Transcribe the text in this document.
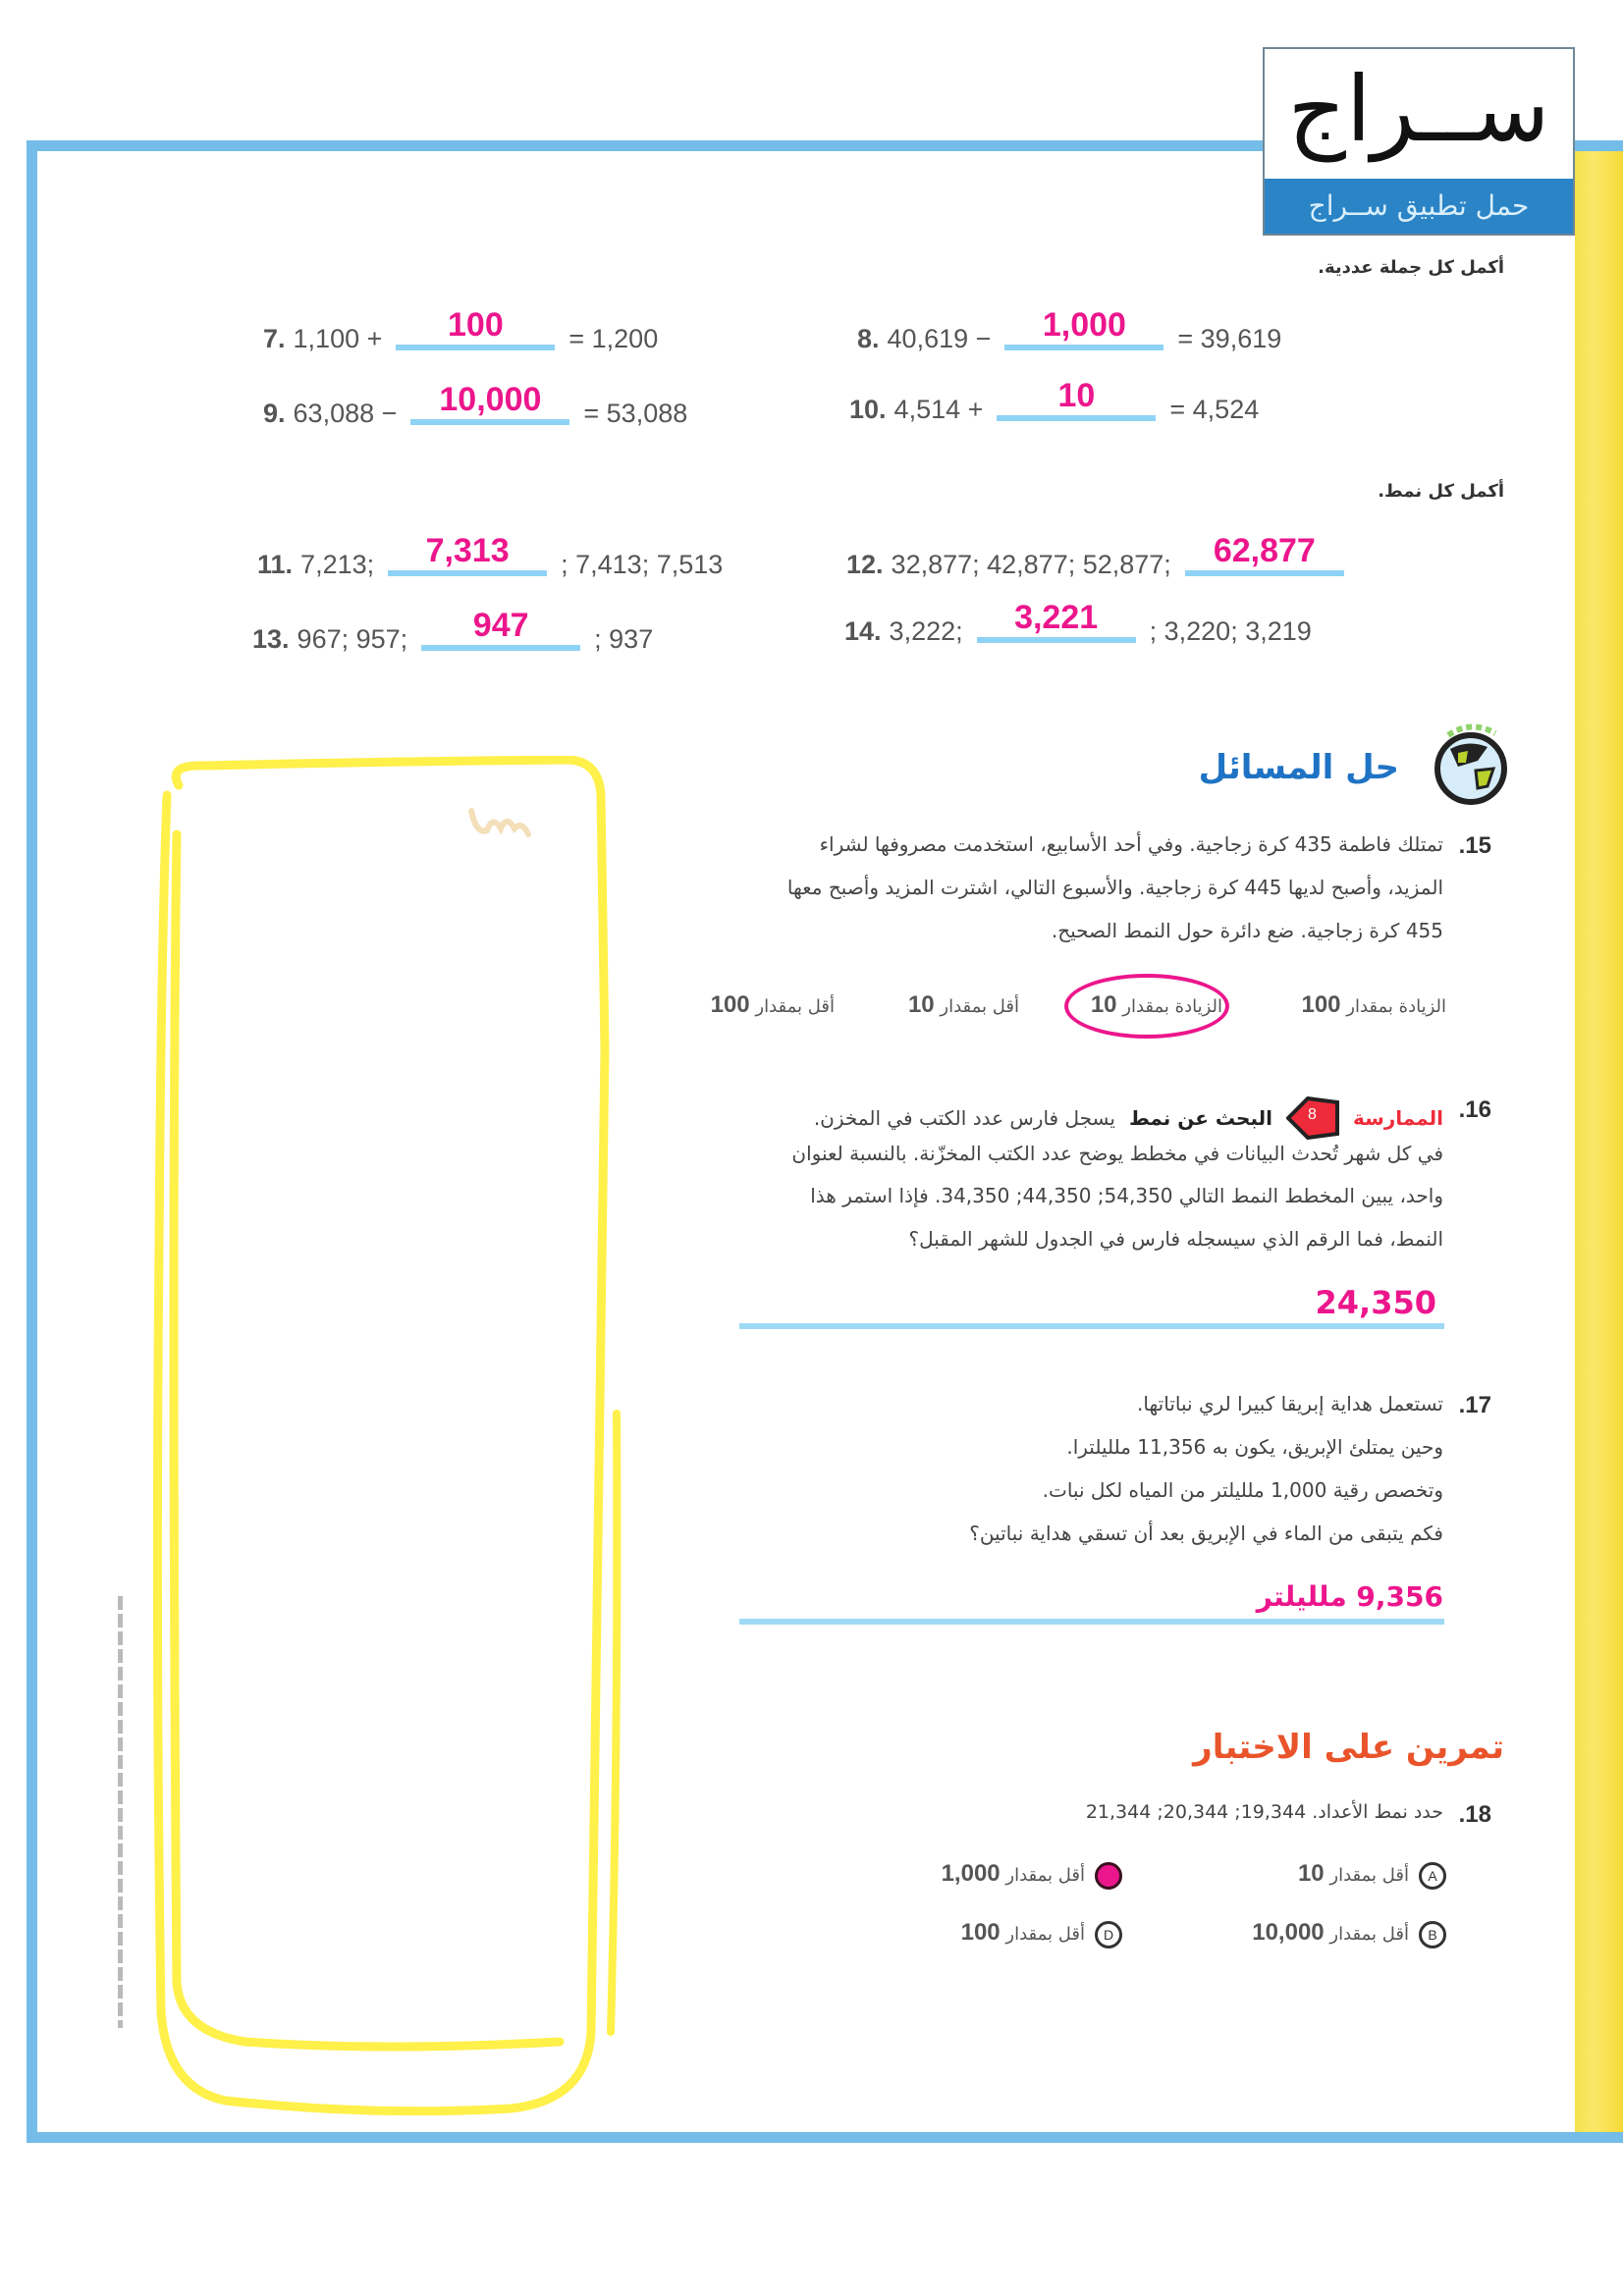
ســراج
حمل تطبيق ســراج
أكمل كل جملة عددية.
7. 1,100 +	100	= 1,200	8. 40,619 −	1,000	= 39,619
9. 63,088 −	10,000	= 53,088	10. 4,514 +	10	= 4,524
أكمل كل نمط.
11. 7,213;	7,313	; 7,413; 7,513	12. 32,877; 42,877; 52,877;	62,877
13. 967; 957;	947	; 937	14. 3,222;	3,221	; 3,220; 3,219
حل المسائل
.15
تمتلك فاطمة 435 كرة زجاجية. وفي أحد الأسابيع، استخدمت مصروفها لشراء
المزيد، وأصبح لديها 445 كرة زجاجية. والأسبوع التالي، اشترت المزيد وأصبح معها
455 كرة زجاجية. ضع دائرة حول النمط الصحيح.
الزيادة بمقدار 100
الزيادة بمقدار 10
أقل بمقدار 10
أقل بمقدار 100
.16
الممارسة
8
البحث عن نمط
يسجل فارس عدد الكتب في المخزن.
في كل شهر تُحدث البيانات في مخطط يوضح عدد الكتب المخزّنة. بالنسبة لعنوان
واحد، يبين المخطط النمط التالي 54,350; 44,350; 34,350. فإذا استمر هذا
النمط، فما الرقم الذي سيسجله فارس في الجدول للشهر المقبل؟
24,350
.17
تستعمل هداية إبريقا كبيرا لري نباتاتها.
وحين يمتلئ الإبريق، يكون به 11,356 ملليلترا.
وتخصص رقية 1,000 ملليلتر من المياه لكل نبات.
فكم يتبقى من الماء في الإبريق بعد أن تسقي هداية نباتين؟
9,356 ملليلتر
تمرين على الاختبار
.18
حدد نمط الأعداد. 19,344; 20,344; 21,344
Aأقل بمقدار 10
أقل بمقدار 1,000
Bأقل بمقدار 10,000
Dأقل بمقدار 100
